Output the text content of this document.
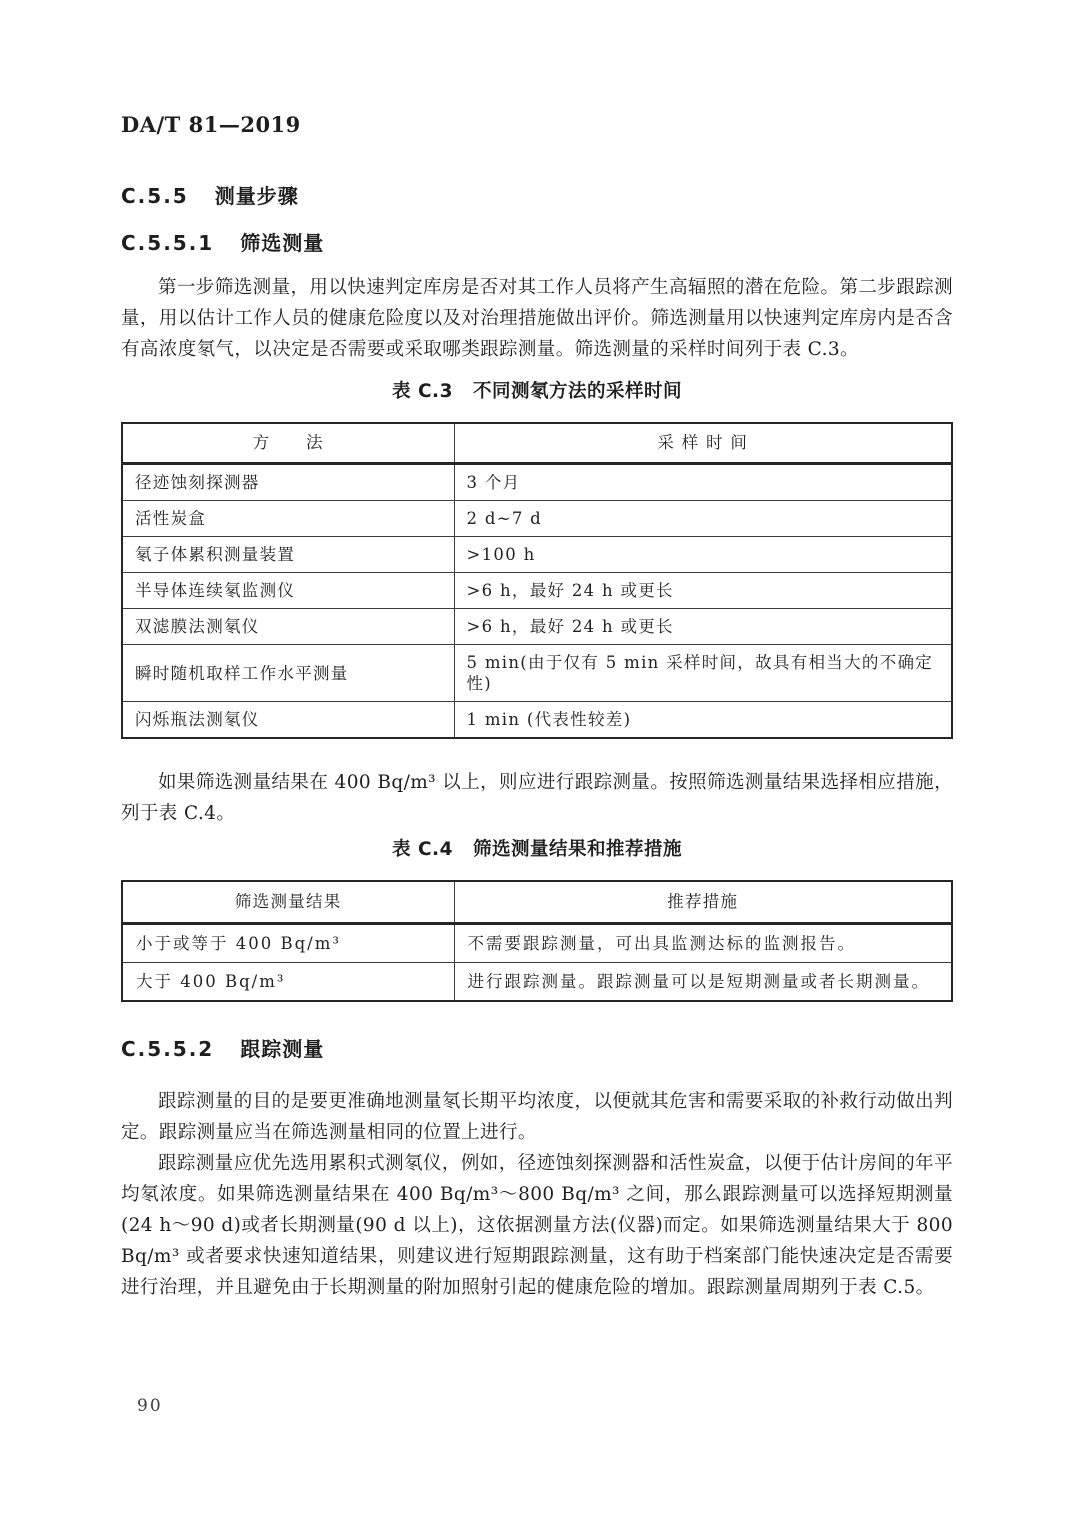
DA/T 81—2019
C.5.5 测量步骤
C.5.5.1 筛选测量

第一步筛选测量，用以快速判定库房是否对其工作人员将产生高辐照的潜在危险。第二步跟踪测量，用以估计工作人员的健康危险度以及对治理措施做出评价。筛选测量用以快速判定库房内是否含有高浓度氡气，以决定是否需要或采取哪类跟踪测量。筛选测量的采样时间列于表 C.3。

表 C.3 不同测氡方法的采样时间
方　　法	采 样 时 间
径迹蚀刻探测器	3 个月
活性炭盒	2 d~7 d
氡子体累积测量装置	>100 h
半导体连续氡监测仪	>6 h，最好 24 h 或更长
双滤膜法测氡仪	>6 h，最好 24 h 或更长
瞬时随机取样工作水平测量	5 min(由于仅有 5 min 采样时间，故具有相当大的不确定性)
闪烁瓶法测氡仪	1 min (代表性较差)

如果筛选测量结果在 400 Bq/m³ 以上，则应进行跟踪测量。按照筛选测量结果选择相应措施，列于表 C.4。

表 C.4 筛选测量结果和推荐措施
筛选测量结果	推荐措施
小于或等于 400 Bq/m³	不需要跟踪测量，可出具监测达标的监测报告。
大于 400 Bq/m³	进行跟踪测量。跟踪测量可以是短期测量或者长期测量。
C.5.5.2 跟踪测量

跟踪测量的目的是要更准确地测量氡长期平均浓度，以便就其危害和需要采取的补救行动做出判定。跟踪测量应当在筛选测量相同的位置上进行。

跟踪测量应优先选用累积式测氡仪，例如，径迹蚀刻探测器和活性炭盒，以便于估计房间的年平均氡浓度。如果筛选测量结果在 400 Bq/m³～800 Bq/m³ 之间，那么跟踪测量可以选择短期测量(24 h～90 d)或者长期测量(90 d 以上)，这依据测量方法(仪器)而定。如果筛选测量结果大于 800 Bq/m³ 或者要求快速知道结果，则建议进行短期跟踪测量，这有助于档案部门能快速决定是否需要进行治理，并且避免由于长期测量的附加照射引起的健康危险的增加。跟踪测量周期列于表 C.5。

90
